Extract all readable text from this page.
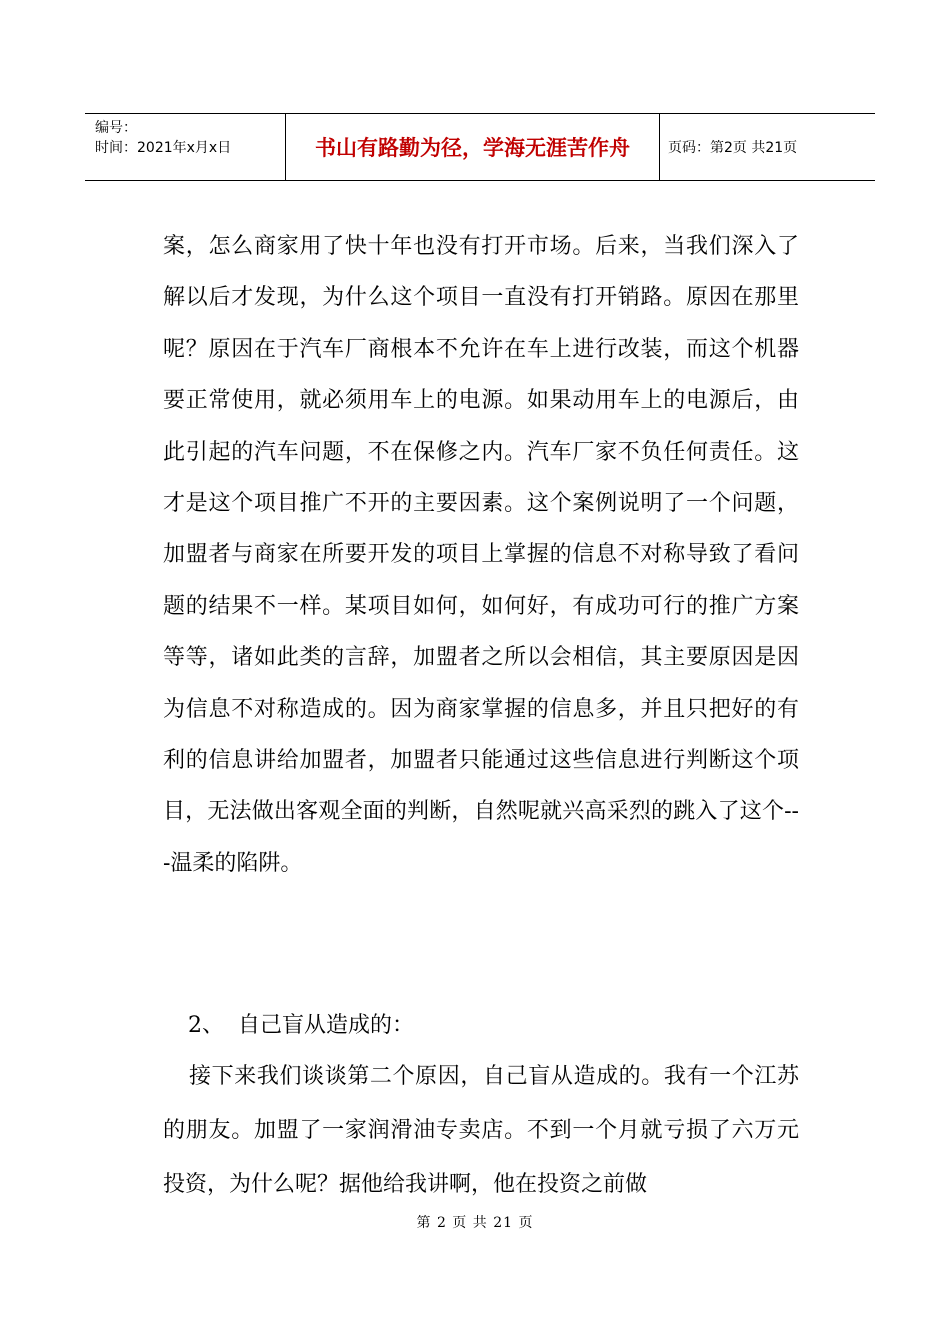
编号：
时间：2021年x月x日	书山有路勤为径，学海无涯苦作舟	页码：第2页 共21页

案，怎么商家用了快十年也没有打开市场。后来，当我们深入了解以后才发现，为什么这个项目一直没有打开销路。原因在那里呢？原因在于汽车厂商根本不允许在车上进行改装，而这个机器要正常使用，就必须用车上的电源。如果动用车上的电源后，由此引起的汽车问题，不在保修之内。汽车厂家不负任何责任。这才是这个项目推广不开的主要因素。这个案例说明了一个问题，加盟者与商家在所要开发的项目上掌握的信息不对称导致了看问题的结果不一样。某项目如何，如何好，有成功可行的推广方案等等，诸如此类的言辞，加盟者之所以会相信，其主要原因是因为信息不对称造成的。因为商家掌握的信息多，并且只把好的有利的信息讲给加盟者，加盟者只能通过这些信息进行判断这个项目，无法做出客观全面的判断，自然呢就兴高采烈的跳入了这个---温柔的陷阱。

2、 自己盲从造成的：

接下来我们谈谈第二个原因，自己盲从造成的。我有一个江苏的朋友。加盟了一家润滑油专卖店。不到一个月就亏损了六万元投资，为什么呢？据他给我讲啊，他在投资之前做

第 2 页 共 21 页
